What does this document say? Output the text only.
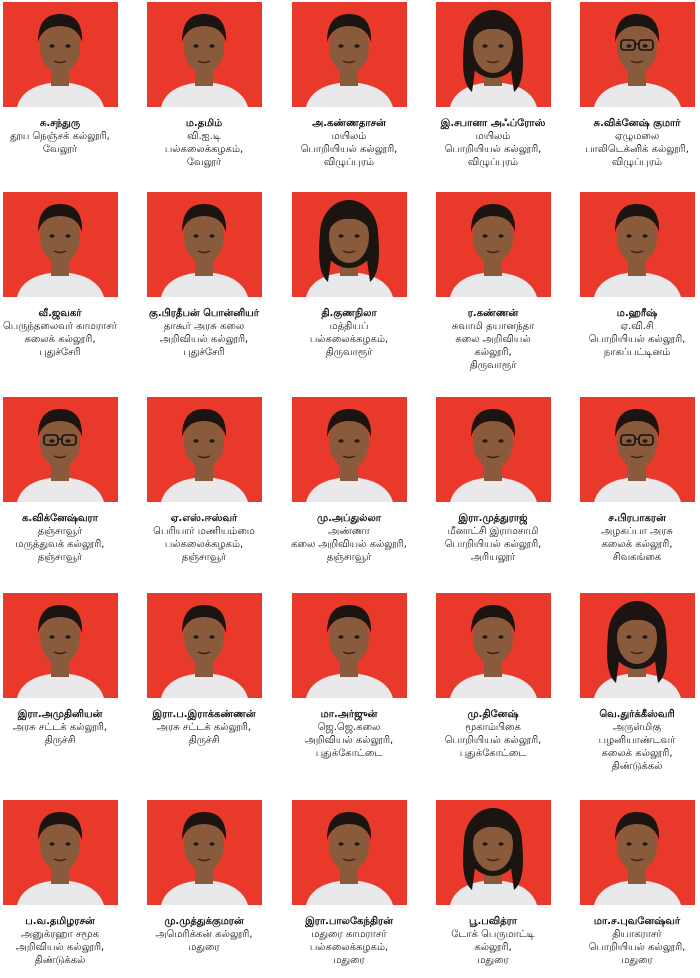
சு.சந்துரு
தூய நெஞ்சக் கல்லூரி,
வேலூர்
ம.தமிம்
வி.ஐ.டி
பல்கலைக்கழகம்,
வேலூர்
அ.கண்ணதாசன்
மயிலம்
பொறியியல் கல்லூரி,
விழுப்புரம்
இ.சபானா அஃப்ரோஸ்
மயிலம்
பொறியியல் கல்லூரி,
விழுப்புரம்
சு.விக்னேஷ் குமார்
ஏழுமலை
பாலிடெக்னிக் கல்லூரி,
விழுப்புரம்
வீ.ஜவகர்
பெருந்தலைவர் காமராசர்
கலைக் கல்லூரி,
புதுச்சேரி
கு.பிரதீபன் பொன்னியர்
தாகூர் அரசு கலை
அறிவியல் கல்லூரி,
புதுச்சேரி
தி.குணநிலா
மத்தியப்
பல்கலைக்கழகம்,
திருவாரூர்
ர.கண்ணன்
சுவாமி தயானந்தா
கலை அறிவியல்
கல்லூரி,
திருவாரூர்
ம.ஹரீஷ்
ஏ.வி.சி
பொறியியல் கல்லூரி,
நாகப்பட்டினம்
க.விக்னேஷ்வரா
தஞ்சாவூர்
மருத்துவக் கல்லூரி,
தஞ்சாவூர்
ஏ.எஸ்.ஈஸ்வர்
பெரியார் மணியம்மை
பல்கலைக்கழகம்,
தஞ்சாவூர்
மு.அப்துல்லா
அண்ணா
கலை அறிவியல் கல்லூரி,
தஞ்சாவூர்
இரா.முத்துராஜ்
மீனாட்சி இராமசாமி
பொறியியல் கல்லூரி,
அரியலூர்
ச.பிரபாகரன்
அழகப்பா அரசு
கலைக் கல்லூரி,
சிவகங்கை
இரா.அமுதினியன்
அரசு சட்டக் கல்லூரி,
திருச்சி
இரா.ப.இராக்கண்ணன்
அரசு சட்டக் கல்லூரி,
திருச்சி
மா.அர்ஜுன்
ஜெ.ஜெ.கலை
அறிவியல் கல்லூரி,
புதுக்கோட்டை
மு.தினேஷ்
மூகாம்பிகை
பொறியியல் கல்லூரி,
புதுக்கோட்டை
வெ.துர்க்கீஸ்வரி
அருள்மிகு
பழனியாண்டவர்
கலைக் கல்லூரி,
திண்டுக்கல்
ப.வ.தமிழரசன்
அனுக்ரஹா சமூக
அறிவியல் கல்லூரி,
திண்டுக்கல்
மு.முத்துக்குமரன்
அமெரிக்கன் கல்லூரி,
மதுரை
இரா.பாலகேந்திரன்
மதுரை காமராசர்
பல்கலைக்கழகம்,
மதுரை
பூ.பவித்ரா
டோக் பெருமாட்டி
கல்லூரி,
மதுரை
மா.ச.புவனேஷ்வர்
தியாகராசர்
பொறியியல் கல்லூரி,
மதுரை
